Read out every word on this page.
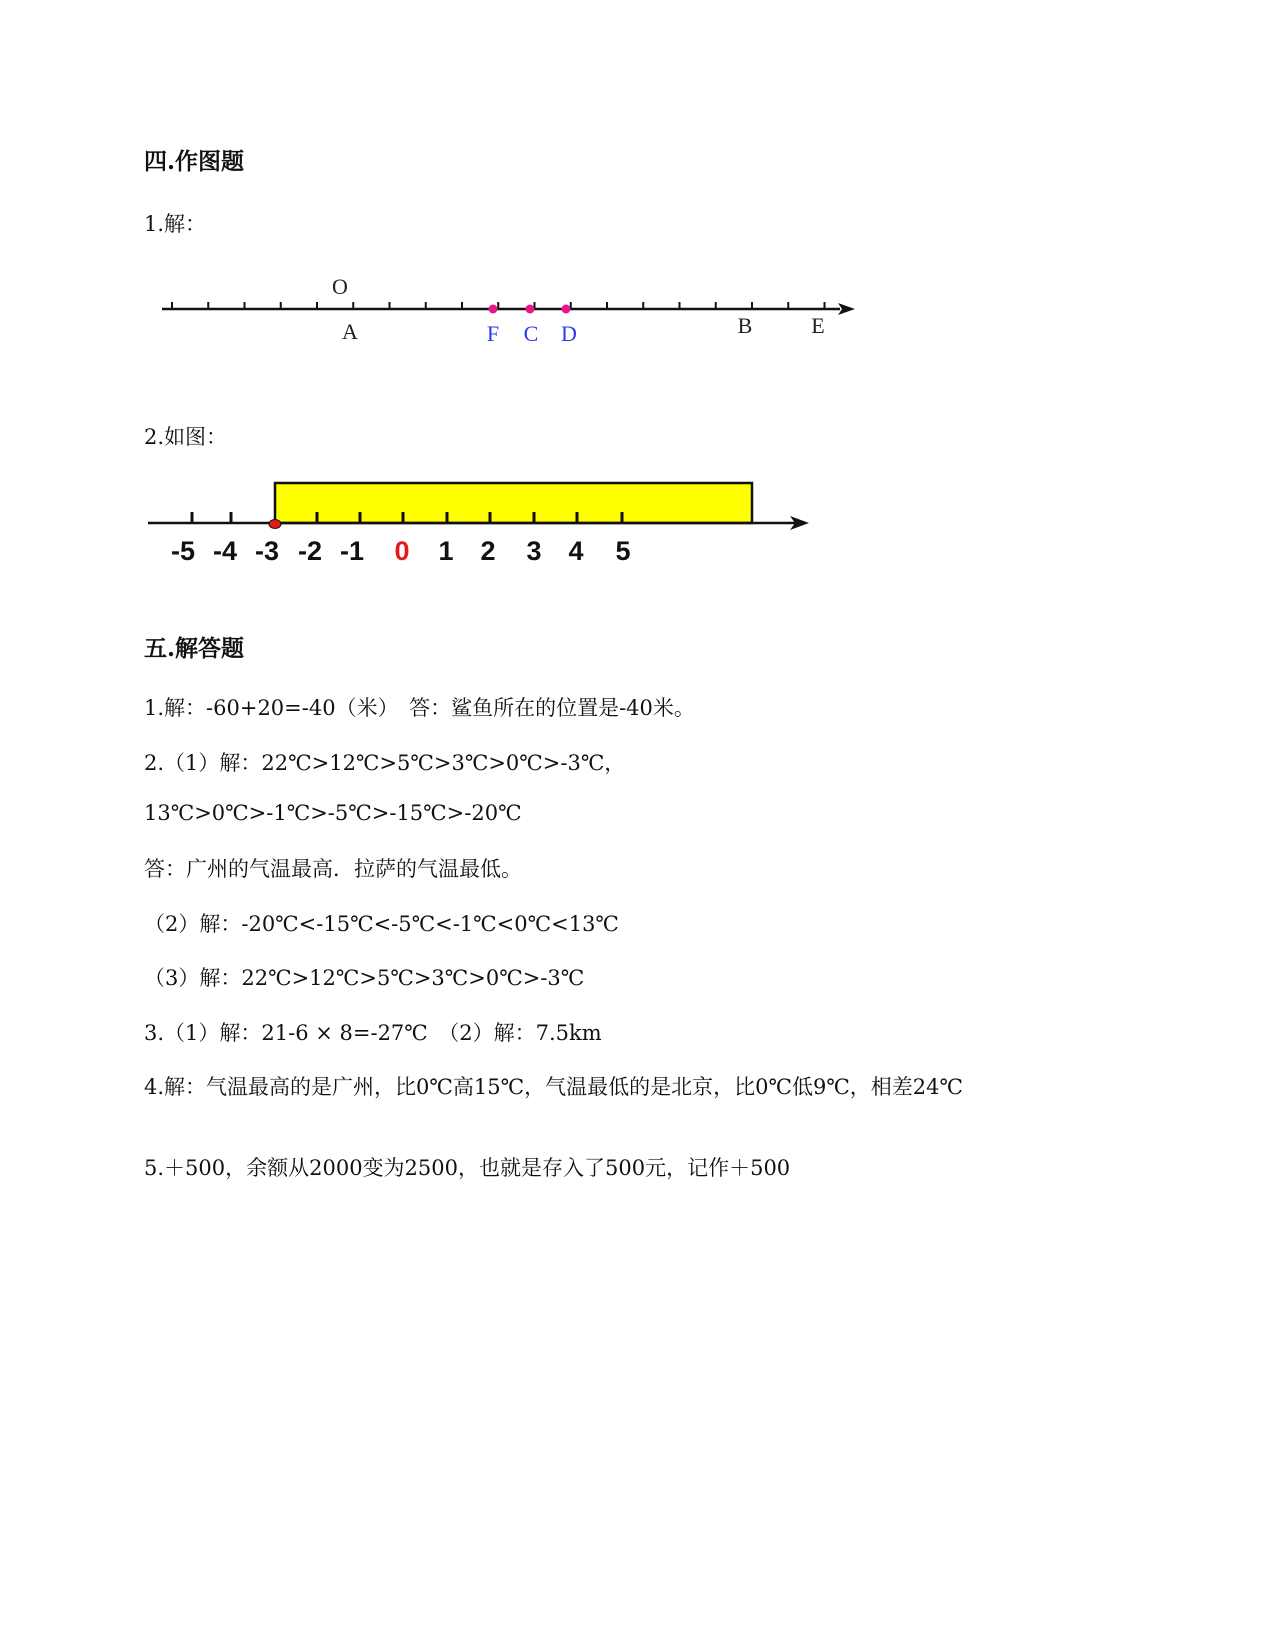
四.作图题
1.解：
O
A	F C D	B	E
2.如图：
-5 -4 -3 -2 -1 0 1 2 3 4 5
五.解答题
1.解：-60+20=-40（米）　答：鲨鱼所在的位置是-40米。
2.（1）解：22℃>12℃>5℃>3℃>0℃>-3℃，
13℃>0℃>-1℃>-5℃>-15℃>-20℃
答：广州的气温最高．拉萨的气温最低。
（2）解：-20℃<-15℃<-5℃<-1℃<0℃<13℃
（3）解：22℃>12℃>5℃>3℃>0℃>-3℃
3.（1）解：21-6 × 8=-27℃　（2）解：7.5km
4.解：气温最高的是广州，比0℃高15℃，气温最低的是北京，比0℃低9℃，相差24℃
5.＋500，余额从2000变为2500，也就是存入了500元，记作＋500
